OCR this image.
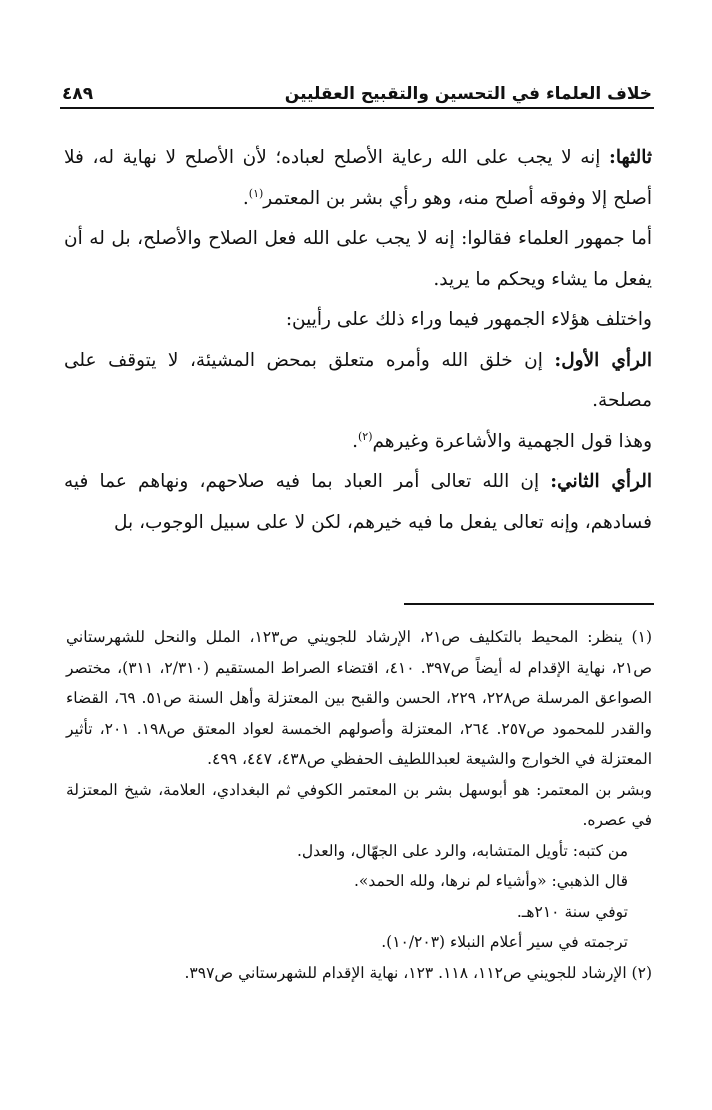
خلاف العلماء في التحسين والتقبيح العقليين
٤٨٩

ثالثها: إنه لا يجب على الله رعاية الأصلح لعباده؛ لأن الأصلح لا نهاية له، فلا أصلح إلا وفوقه أصلح منه، وهو رأي بشر بن المعتمر$^{(١)}$.

أما جمهور العلماء فقالوا: إنه لا يجب على الله فعل الصلاح والأصلح، بل له أن يفعل ما يشاء ويحكم ما يريد.

واختلف هؤلاء الجمهور فيما وراء ذلك على رأيين:

الرأي الأول: إن خلق الله وأمره متعلق بمحض المشيئة، لا يتوقف على مصلحة.

وهذا قول الجهمية والأشاعرة وغيرهم$^{(٢)}$.

الرأي الثاني: إن الله تعالى أمر العباد بما فيه صلاحهم، ونهاهم عما فيه فسادهم، وإنه تعالى يفعل ما فيه خيرهم، لكن لا على سبيل الوجوب، بل

(١) ينظر: المحيط بالتكليف ص٢١، الإرشاد للجويني ص١٢٣، الملل والنحل للشهرستاني ص٢١، نهاية الإقدام له أيضاً ص٣٩٧. ٤١٠، اقتضاء الصراط المستقيم (٢/٣١٠، ٣١١)، مختصر الصواعق المرسلة ص٢٢٨، ٢٢٩، الحسن والقبح بين المعتزلة وأهل السنة ص٥١. ٦٩، القضاء والقدر للمحمود ص٢٥٧. ٢٦٤، المعتزلة وأصولهم الخمسة لعواد المعتق ص١٩٨. ٢٠١، تأثير المعتزلة في الخوارج والشيعة لعبداللطيف الحفظي ص٤٣٨، ٤٤٧، ٤٩٩.

وبشر بن المعتمر: هو أبوسهل بشر بن المعتمر الكوفي ثم البغدادي، العلامة، شيخ المعتزلة في عصره.

من كتبه: تأويل المتشابه، والرد على الجهّال، والعدل.

قال الذهبي: «وأشياء لم نرها، ولله الحمد».

توفي سنة ٢١٠هـ.

ترجمته في سير أعلام النبلاء (١٠/٢٠٣).

(٢) الإرشاد للجويني ص١١٢، ١١٨. ١٢٣، نهاية الإقدام للشهرستاني ص٣٩٧.
